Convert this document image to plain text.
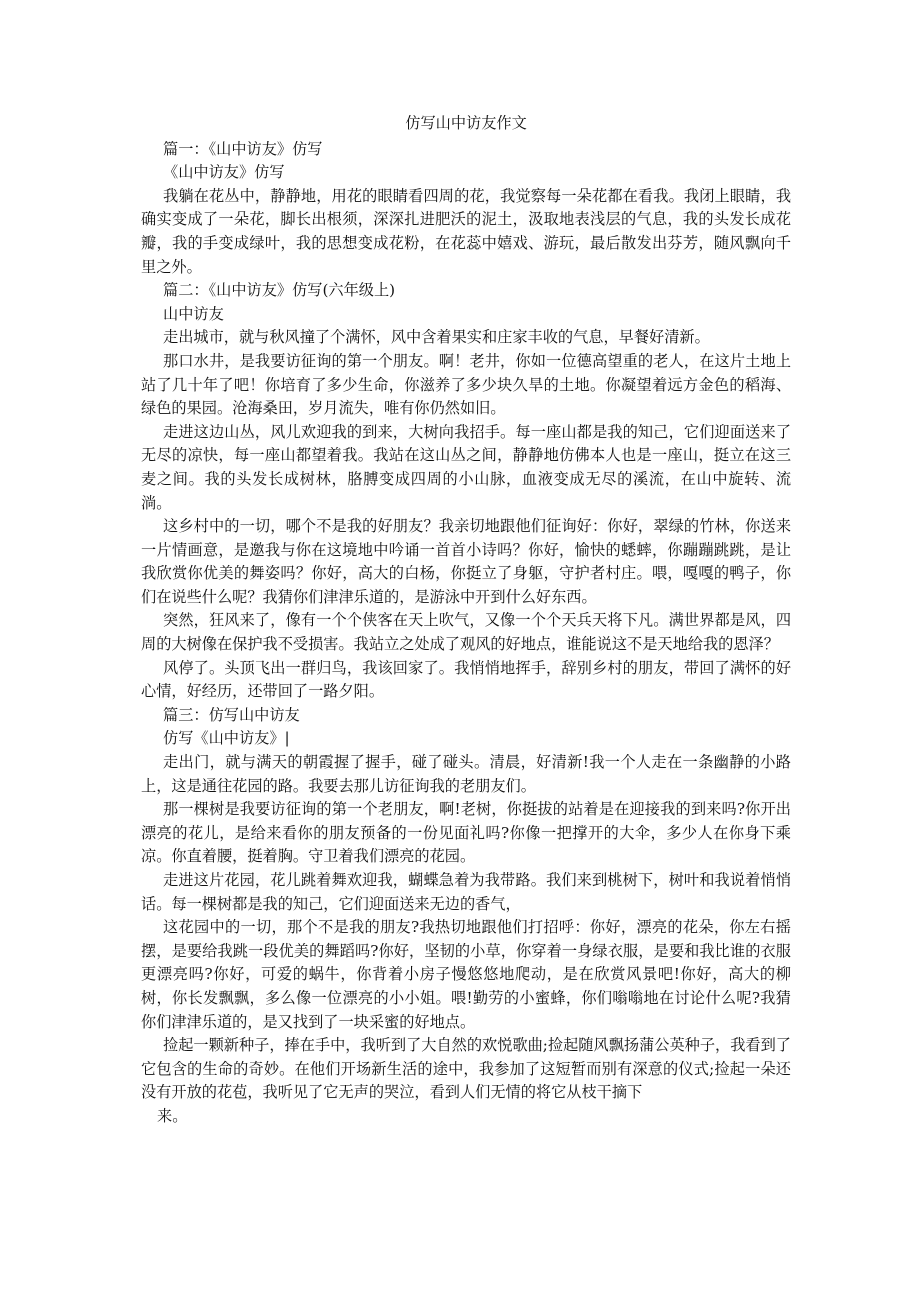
仿写山中访友作文

篇一：《山中访友》仿写

《山中访友》仿写

我躺在花丛中，静静地，用花的眼睛看四周的花，我觉察每一朵花都在看我。我闭上眼睛，我确实变成了一朵花，脚长出根须，深深扎进肥沃的泥土，汲取地表浅层的气息，我的头发长成花瓣，我的手变成绿叶，我的思想变成花粉，在花蕊中嬉戏、游玩，最后散发出芬芳，随风飘向千里之外。

篇二：《山中访友》仿写(六年级上)

山中访友

走出城市，就与秋风撞了个满怀，风中含着果实和庄家丰收的气息，早餐好清新。

那口水井，是我要访征询的第一个朋友。啊！老井，你如一位德高望重的老人，在这片土地上站了几十年了吧！你培育了多少生命，你滋养了多少块久旱的土地。你凝望着远方金色的稻海、绿色的果园。沧海桑田，岁月流失，唯有你仍然如旧。

走进这边山丛，风儿欢迎我的到来，大树向我招手。每一座山都是我的知己，它们迎面送来了无尽的凉快，每一座山都望着我。我站在这山丛之间，静静地仿佛本人也是一座山，挺立在这三麦之间。我的头发长成树林，胳膊变成四周的小山脉，血液变成无尽的溪流，在山中旋转、流淌。

这乡村中的一切，哪个不是我的好朋友？我亲切地跟他们征询好：你好，翠绿的竹林，你送来一片情画意，是邀我与你在这境地中吟诵一首首小诗吗？你好，愉快的蟋蟀，你蹦蹦跳跳，是让我欣赏你优美的舞姿吗？你好，高大的白杨，你挺立了身躯，守护者村庄。喂，嘎嘎的鸭子，你们在说些什么呢？我猜你们津津乐道的，是游泳中开到什么好东西。

突然，狂风来了，像有一个个侠客在天上吹气，又像一个个天兵天将下凡。满世界都是风，四周的大树像在保护我不受损害。我站立之处成了观风的好地点，谁能说这不是天地给我的恩泽？

风停了。头顶飞出一群归鸟，我该回家了。我悄悄地挥手，辞别乡村的朋友，带回了满怀的好心情，好经历，还带回了一路夕阳。

篇三：仿写山中访友

仿写《山中访友》|

走出门，就与满天的朝霞握了握手，碰了碰头。清晨，好清新!我一个人走在一条幽静的小路上，这是通往花园的路。我要去那儿访征询我的老朋友们。

那一棵树是我要访征询的第一个老朋友，啊!老树，你挺拔的站着是在迎接我的到来吗?你开出漂亮的花儿，是给来看你的朋友预备的一份见面礼吗?你像一把撑开的大伞，多少人在你身下乘凉。你直着腰，挺着胸。守卫着我们漂亮的花园。

走进这片花园，花儿跳着舞欢迎我，蝴蝶急着为我带路。我们来到桃树下，树叶和我说着悄悄话。每一棵树都是我的知己，它们迎面送来无边的香气，

这花园中的一切，那个不是我的朋友?我热切地跟他们打招呼：你好，漂亮的花朵，你左右摇摆，是要给我跳一段优美的舞蹈吗?你好，坚韧的小草，你穿着一身绿衣服，是要和我比谁的衣服更漂亮吗?你好，可爱的蜗牛，你背着小房子慢悠悠地爬动，是在欣赏风景吧!你好，高大的柳树，你长发飘飘，多么像一位漂亮的小小姐。喂!勤劳的小蜜蜂，你们嗡嗡地在讨论什么呢?我猜你们津津乐道的，是又找到了一块采蜜的好地点。

捡起一颗新种子，捧在手中，我听到了大自然的欢悦歌曲;捡起随风飘扬蒲公英种子，我看到了它包含的生命的奇妙。在他们开场新生活的途中，我参加了这短暂而别有深意的仪式;捡起一朵还没有开放的花苞，我听见了它无声的哭泣，看到人们无情的将它从枝干摘下

来。
